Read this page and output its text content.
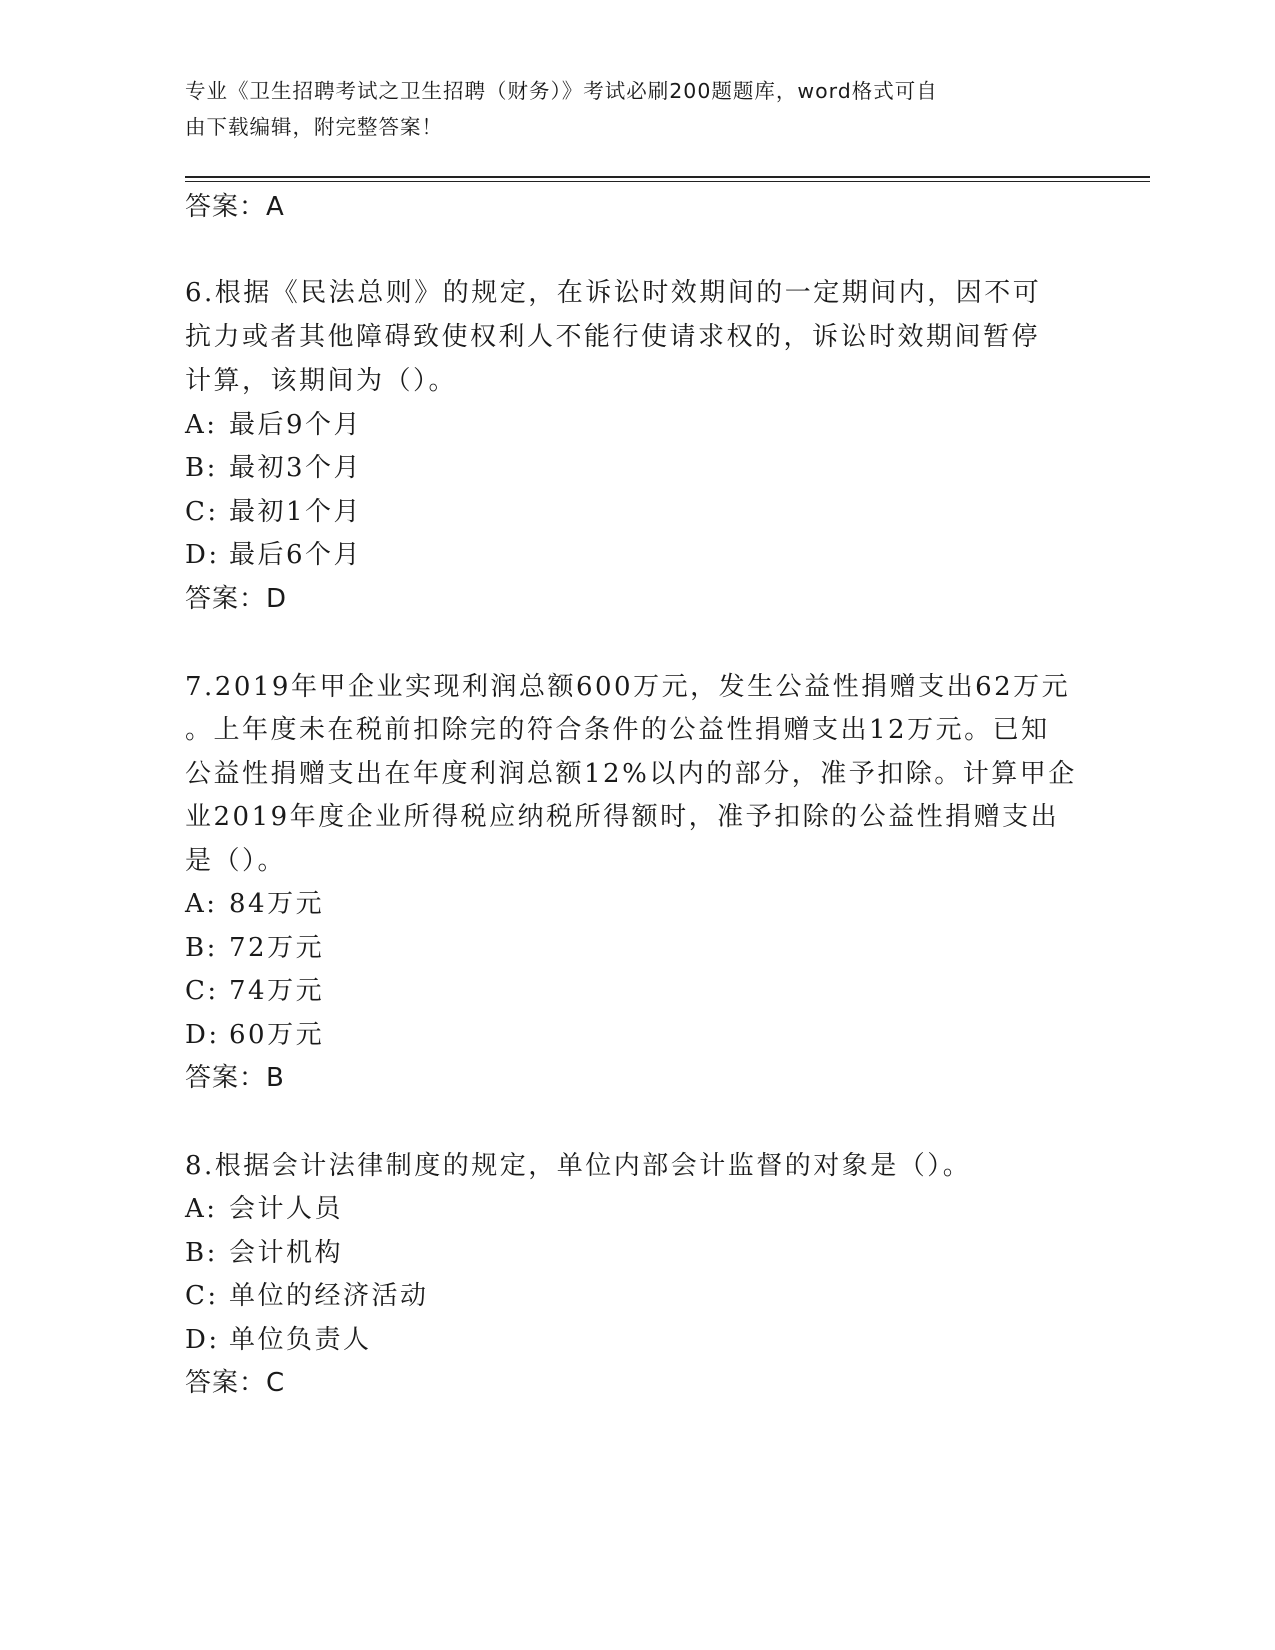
专业《卫生招聘考试之卫生招聘（财务）》考试必刷200题题库，word格式可自
由下载编辑，附完整答案！
答案：A
6.根据《民法总则》的规定，在诉讼时效期间的一定期间内，因不可
抗力或者其他障碍致使权利人不能行使请求权的，诉讼时效期间暂停
计算，该期间为（）。
A: 最后9个月
B: 最初3个月
C: 最初1个月
D: 最后6个月
答案：D
7.2019年甲企业实现利润总额600万元，发生公益性捐赠支出62万元
。上年度未在税前扣除完的符合条件的公益性捐赠支出12万元。已知
公益性捐赠支出在年度利润总额12%以内的部分，准予扣除。计算甲企
业2019年度企业所得税应纳税所得额时，准予扣除的公益性捐赠支出
是（）。
A: 84万元
B: 72万元
C: 74万元
D: 60万元
答案：B
8.根据会计法律制度的规定，单位内部会计监督的对象是（）。
A: 会计人员
B: 会计机构
C: 单位的经济活动
D: 单位负责人
答案：C
